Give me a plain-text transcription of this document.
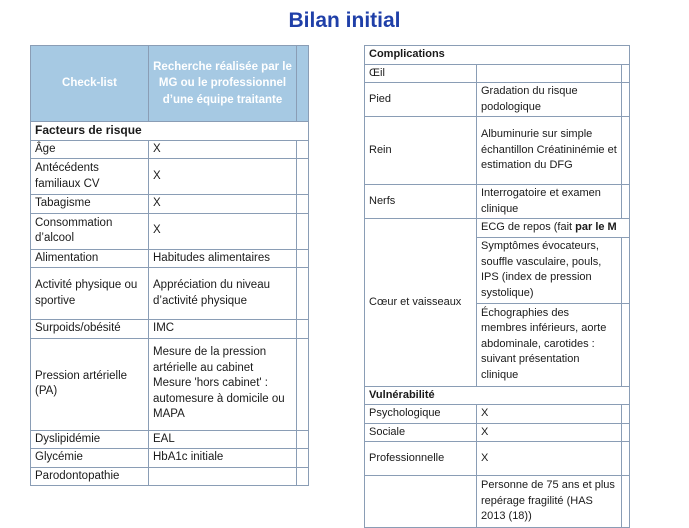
Bilan initial
Check-list	Recherche réalisée par le MG ou le professionnel d’une équipe traitante	
Facteurs de risque		
Âge	X	
Antécédents familiaux CV	X	
Tabagisme	X	
Consommation d’alcool	X	
Alimentation	Habitudes alimentaires	
Activité physique ou sportive	Appréciation du niveau d’activité physique	
Surpoids/obésité	IMC	
Pression artérielle (PA)	Mesure de la pression artérielle au cabinet Mesure 'hors cabinet' : automesure à domicile ou MAPA	
Dyslipidémie	EAL	
Glycémie	HbA1c initiale	
Parodontopathie		
Complications		
Œil		
Pied	Gradation du risque podologique	
Rein	Albuminurie sur simple échantillon Créatininémie et estimation du DFG	
Nerfs	Interrogatoire et examen clinique	
Cœur et vaisseaux	ECG de repos (fait par le M	
	Symptômes évocateurs, souffle vasculaire, pouls, IPS (index de pression systolique)	
	Échographies des membres inférieurs, aorte abdominale, carotides : suivant présentation clinique	
Vulnérabilité		
Psychologique	X	
Sociale	X	
Professionnelle	X	
	Personne de 75 ans et plus repérage fragilité (HAS 2013 (18))	
